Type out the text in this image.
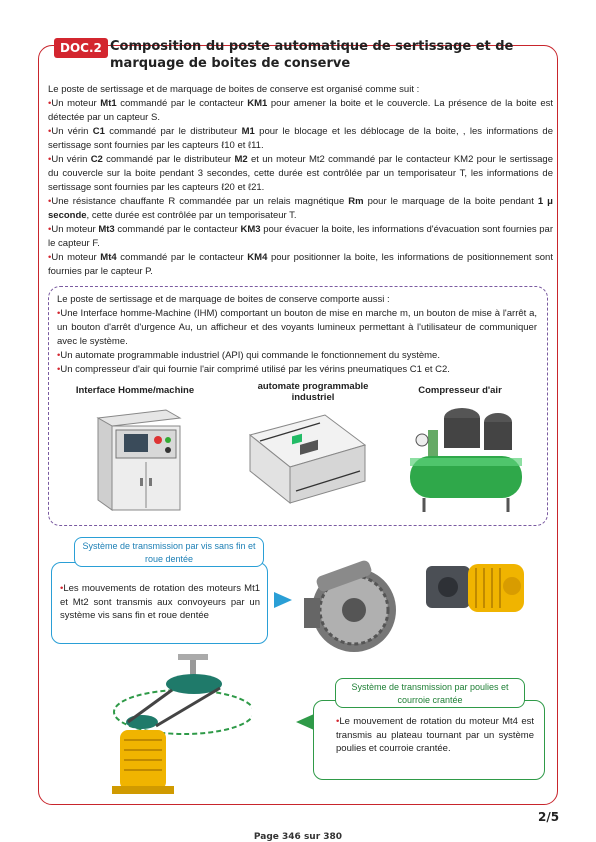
DOC.2 Composition du poste automatique de sertissage et de
marquage de boites de conserve

Le poste de sertissage et de marquage de boites de conserve est organisé comme suit :

•Un moteur Mt1 commandé par le contacteur KM1 pour amener la boite et le couvercle. La présence de la boite est détectée par un capteur S.

•Un vérin C1 commandé par le distributeur M1 pour le blocage et les déblocage de la boite, , les informations de sertissage sont fournies par les capteurs ℓ10 et ℓ11.

•Un vérin C2 commandé par le distributeur M2 et un moteur Mt2 commandé par le contacteur KM2 pour le sertissage du couvercle sur la boite pendant 3 secondes, cette durée est contrôlée par un temporisateur T, les informations de sertissage sont fournies par les capteurs ℓ20 et ℓ21.

•Une résistance chauffante R commandée par un relais magnétique Rm pour le marquage de la boite pendant 1 μ seconde, cette durée est contrôlée par un temporisateur T.

•Un moteur Mt3 commandé par le contacteur KM3 pour évacuer la boite, les informations d'évacuation sont fournies par le capteur F.

•Un moteur Mt4 commandé par le contacteur KM4 pour positionner la boite, les informations de positionnement sont fournies par le capteur P.

Le poste de sertissage et de marquage de boites de conserve comporte aussi :

•Une Interface homme-Machine (IHM) comportant un bouton de mise en marche m, un bouton de mise à l'arrêt a, un bouton d'arrêt d'urgence Au, un afficheur et des voyants lumineux permettant à l'utilisateur de communiquer avec le système.

•Un automate programmable industriel (API) qui commande le fonctionnement du système.

•Un compresseur d'air qui fournie l'air comprimé utilisé par les vérins pneumatiques C1 et C2.

Interface Homme/machine	automate programmable industriel
Compresseur d'air
Système de transmission par vis sans fin et roue dentée
•Les mouvements de rotation des moteurs Mt1 et Mt2 sont transmis aux convoyeurs par un système vis sans fin et roue dentée
Système de transmission par poulies et courroie crantée
•Le mouvement de rotation du moteur Mt4 est transmis au plateau tournant par un système poulies et courroie crantée.
2/5
Page 346 sur 380
